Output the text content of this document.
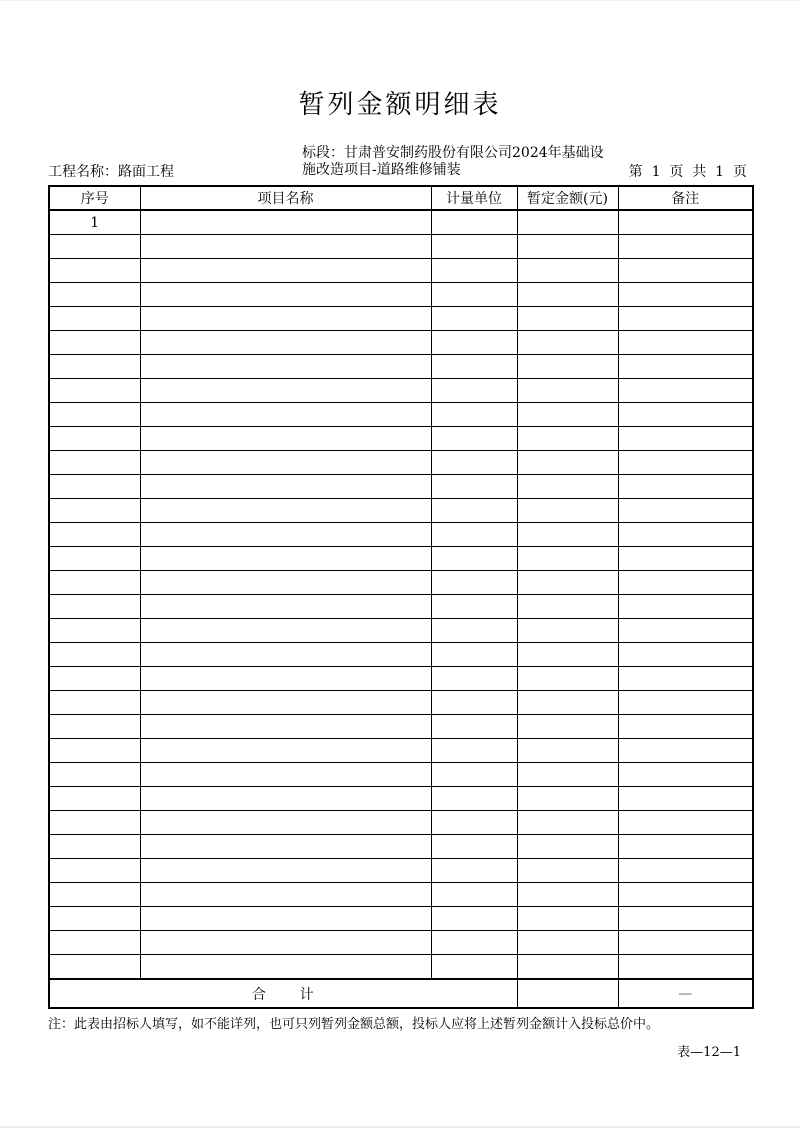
暂列金额明细表
工程名称：路面工程
标段：甘肃普安制药股份有限公司2024年基础设
施改造项目-道路维修铺装	第  1  页  共  1  页
序号	项目名称	计量单位	暂定金额(元)	备注
1				

合      计				—
注：此表由招标人填写，如不能详列，也可只列暂列金额总额，投标人应将上述暂列金额计入投标总价中。
表—12—1
